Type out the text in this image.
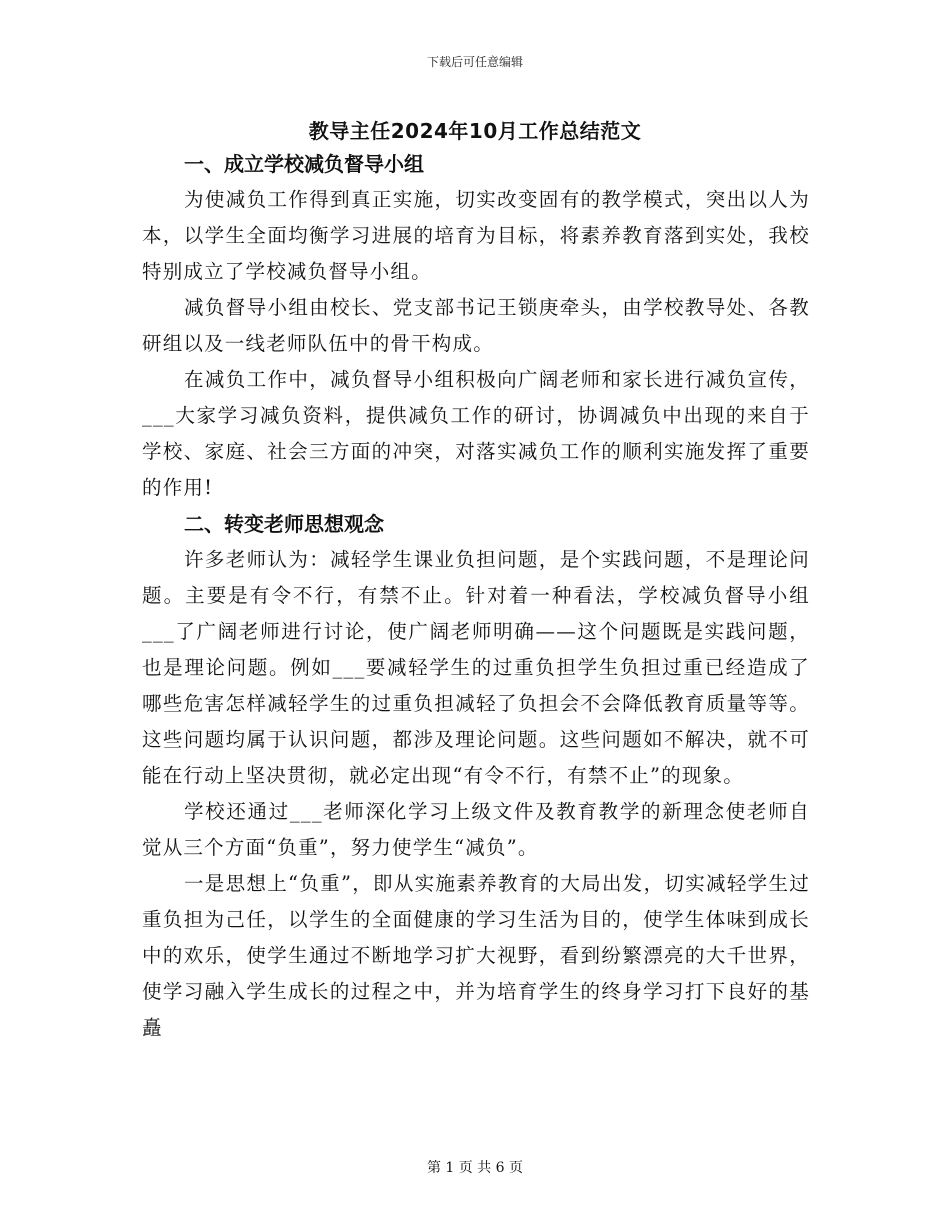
下载后可任意编辑
教导主任2024年10月工作总结范文

一、成立学校减负督导小组

为使减负工作得到真正实施，切实改变固有的教学模式，突出以人为本，以学生全面均衡学习进展的培育为目标，将素养教育落到实处，我校特别成立了学校减负督导小组。

减负督导小组由校长、党支部书记王锁庚牵头，由学校教导处、各教研组以及一线老师队伍中的骨干构成。

在减负工作中，减负督导小组积极向广阔老师和家长进行减负宣传，___大家学习减负资料，提供减负工作的研讨，协调减负中出现的来自于学校、家庭、社会三方面的冲突，对落实减负工作的顺利实施发挥了重要的作用!

二、转变老师思想观念

许多老师认为：减轻学生课业负担问题，是个实践问题，不是理论问题。主要是有令不行，有禁不止。针对着一种看法，学校减负督导小组___了广阔老师进行讨论，使广阔老师明确——这个问题既是实践问题，也是理论问题。例如___要减轻学生的过重负担学生负担过重已经造成了哪些危害怎样减轻学生的过重负担减轻了负担会不会降低教育质量等等。这些问题均属于认识问题，都涉及理论问题。这些问题如不解决，就不可能在行动上坚决贯彻，就必定出现“有令不行，有禁不止”的现象。

学校还通过___老师深化学习上级文件及教育教学的新理念使老师自觉从三个方面“负重”，努力使学生“减负”。

一是思想上“负重”，即从实施素养教育的大局出发，切实减轻学生过重负担为己任，以学生的全面健康的学习生活为目的，使学生体味到成长中的欢乐，使学生通过不断地学习扩大视野，看到纷繁漂亮的大千世界，使学习融入学生成长的过程之中，并为培育学生的终身学习打下良好的基矗

第 1 页 共 6 页
